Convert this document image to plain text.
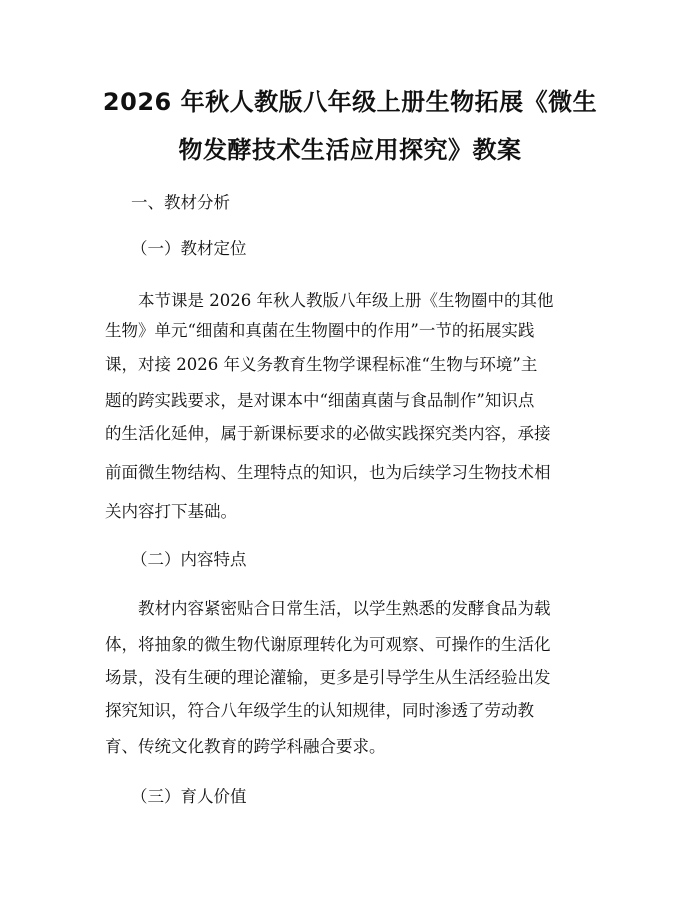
2026 年秋人教版八年级上册生物拓展《微生
物发酵技术生活应用探究》教案
一、教材分析
（一）教材定位
本节课是 2026 年秋人教版八年级上册《生物圈中的其他
生物》单元“细菌和真菌在生物圈中的作用”一节的拓展实践
课，对接 2026 年义务教育生物学课程标准“生物与环境”主
题的跨实践要求，是对课本中“细菌真菌与食品制作”知识点
的生活化延伸，属于新课标要求的必做实践探究类内容，承接
前面微生物结构、生理特点的知识，也为后续学习生物技术相
关内容打下基础。
（二）内容特点
教材内容紧密贴合日常生活，以学生熟悉的发酵食品为载
体，将抽象的微生物代谢原理转化为可观察、可操作的生活化
场景，没有生硬的理论灌输，更多是引导学生从生活经验出发
探究知识，符合八年级学生的认知规律，同时渗透了劳动教
育、传统文化教育的跨学科融合要求。
（三）育人价值
